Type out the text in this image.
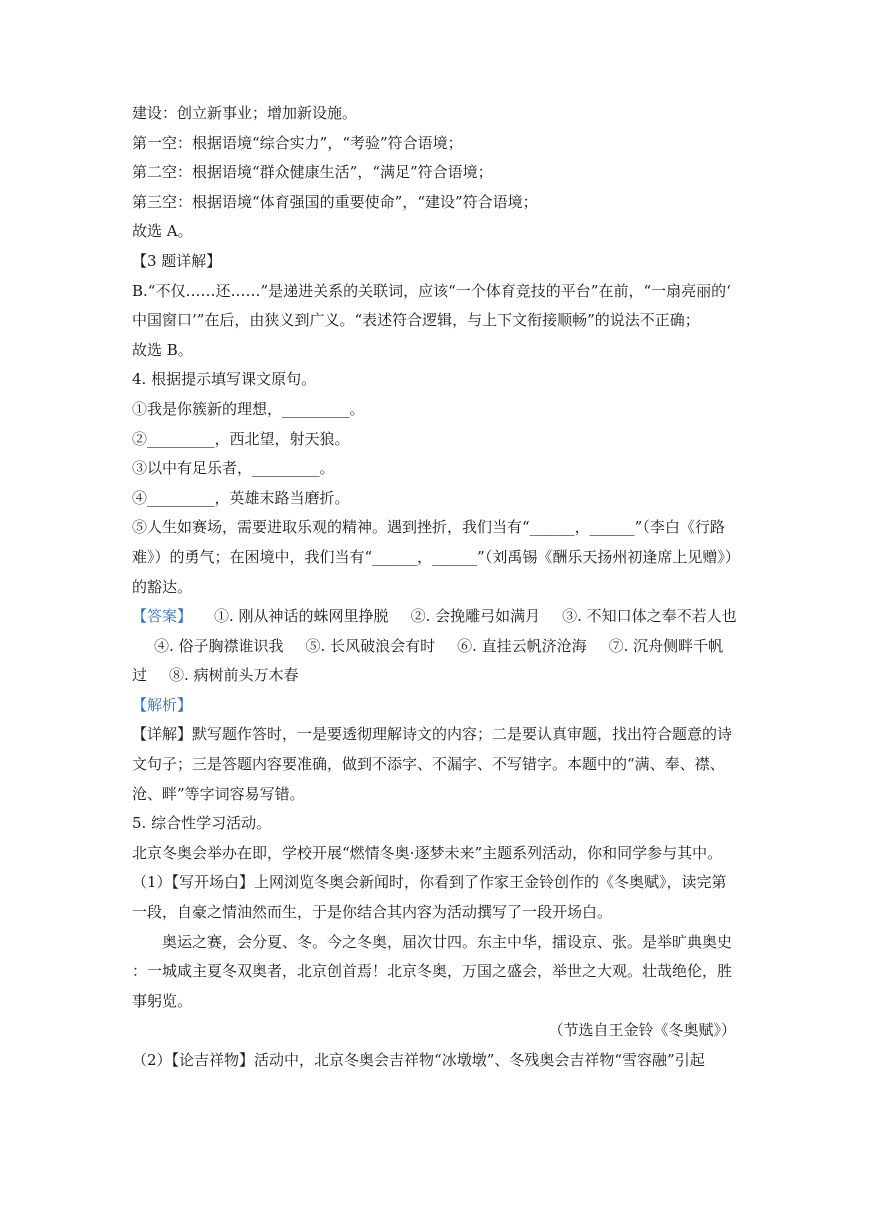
建设：创立新事业；增加新设施。
第一空：根据语境“综合实力”，“考验”符合语境；
第二空：根据语境“群众健康生活”，“满足”符合语境；
第三空：根据语境“体育强国的重要使命”，“建设”符合语境；
故选 A。
【3 题详解】
B.“不仅……还……”是递进关系的关联词，应该“一个体育竞技的平台”在前，“一扇亮丽的‘中国窗口’”在后，由狭义到广义。“表述符合逻辑，与上下文衔接顺畅”的说法不正确；
故选 B。
4. 根据提示填写课文原句。
①我是你簇新的理想，_________。
②_________，西北望，射天狼。
③以中有足乐者，_________。
④_________，英雄末路当磨折。
⑤人生如赛场，需要进取乐观的精神。遇到挫折，我们当有“______，______”（李白《行路难》）的勇气；在困境中，我们当有“______，______”（刘禹锡《酬乐天扬州初逢席上见赠》）的豁达。
【答案】 ①. 刚从神话的蛛网里挣脱 ②. 会挽雕弓如满月 ③. 不知口体之奉不若人也④. 俗子胸襟谁识我 ⑤. 长风破浪会有时 ⑥. 直挂云帆济沧海 ⑦. 沉舟侧畔千帆过 ⑧. 病树前头万木春
【解析】
【详解】默写题作答时，一是要透彻理解诗文的内容；二是要认真审题，找出符合题意的诗文句子；三是答题内容要准确，做到不添字、不漏字、不写错字。本题中的“满、奉、襟、沧、畔”等字词容易写错。
5. 综合性学习活动。
北京冬奥会举办在即，学校开展“燃情冬奥·逐梦未来”主题系列活动，你和同学参与其中。
（1）【写开场白】上网浏览冬奥会新闻时，你看到了作家王金铃创作的《冬奥赋》，读完第一段，自豪之情油然而生，于是你结合其内容为活动撰写了一段开场白。
奥运之赛，会分夏、冬。今之冬奥，届次廿四。东主中华，擂设京、张。是举旷典奥史：一城咸主夏冬双奥者，北京创首焉！北京冬奥，万国之盛会，举世之大观。壮哉绝伦，胜事躬览。
（节选自王金铃《冬奥赋》）
（2）【论吉祥物】活动中，北京冬奥会吉祥物“冰墩墩”、冬残奥会吉祥物“雪容融”引起
